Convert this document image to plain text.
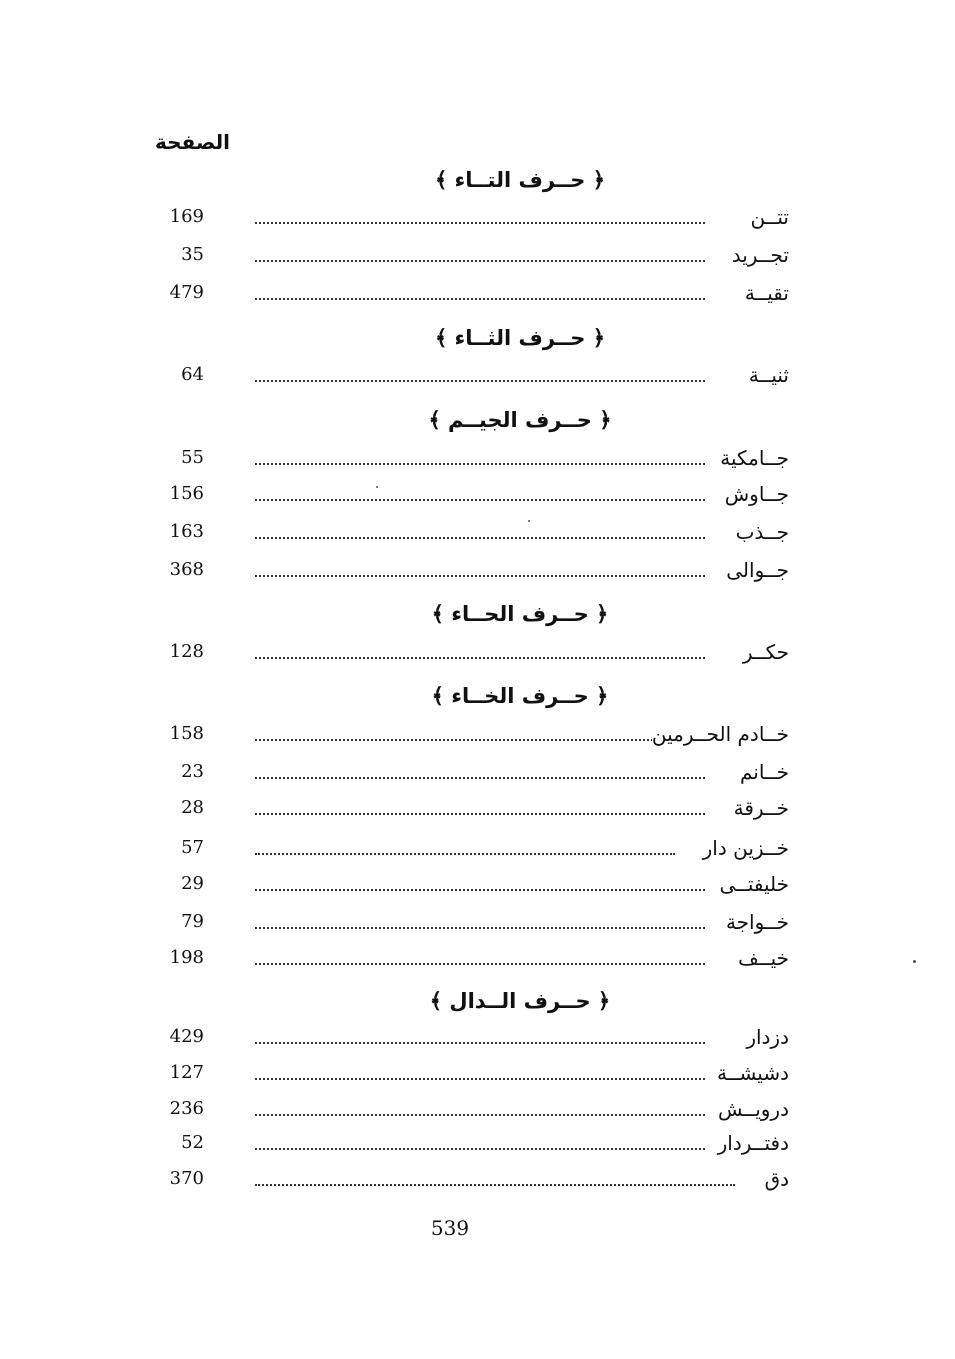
الصفحة
﴿ حــرف التــاء ﴾
169	تتــن
35	تجــريد
479	تقيــة
﴿ حــرف الثــاء ﴾
64	ثنيــة
﴿ حــرف الجيــم ﴾
55	جــامكية
156	جــاوش
163	جــذب
368	جــوالى
﴿ حــرف الحــاء ﴾
128	حكــر
﴿ حــرف الخــاء ﴾
158	خــادم الحــرمين
23	خــانم
28	خــرقة
57	خــزين دار
29	خليفتــى
79	خــواجة
198	خيــف
﴿ حــرف الــدال ﴾
429	دزدار
127	دشيشــة
236	درويــش
52	دفتــردار
370	دق
539
